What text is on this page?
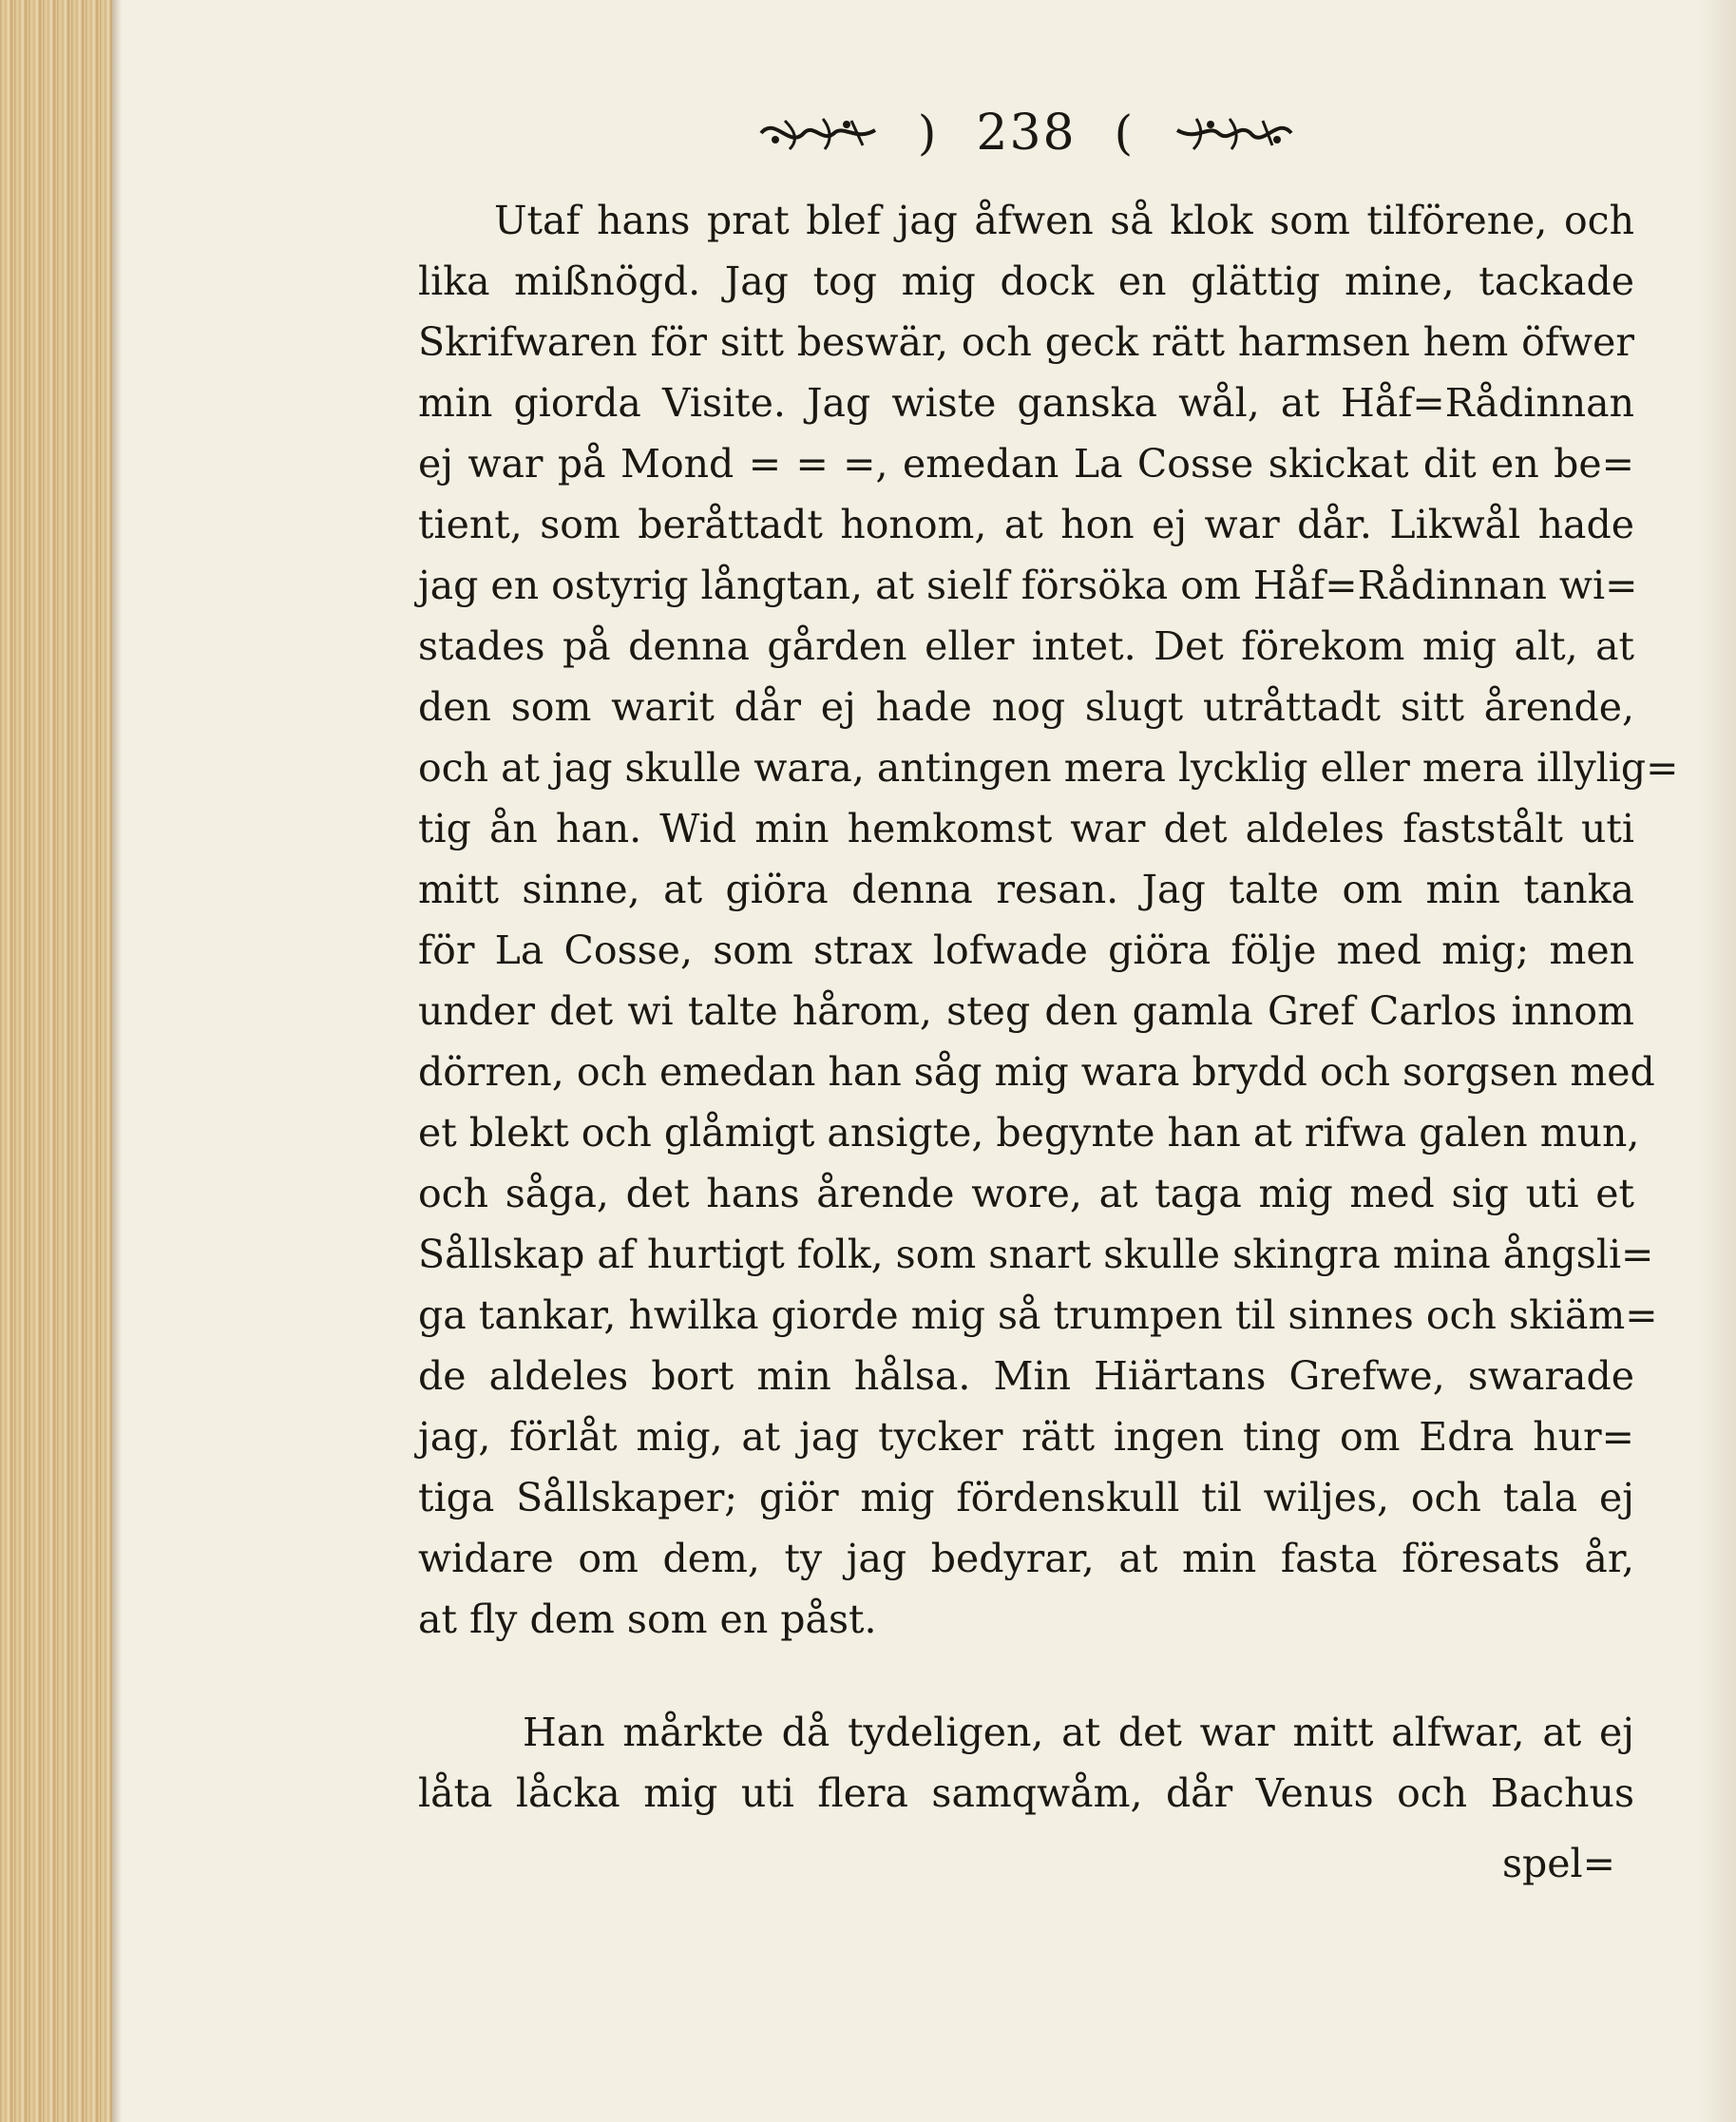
) 238 (
Utaf hans prat blef jag åfwen så klok som tilförene, och
lika mißnögd. Jag tog mig dock en glättig mine, tackade
Skrifwaren för sitt beswär, och geck rätt harmsen hem öfwer
min giorda Visite. Jag wiste ganska wål, at Håf=Rådinnan
ej war på Mond = = =, emedan La Cosse skickat dit en be=
tient, som beråttadt honom, at hon ej war dår. Likwål hade
jag en ostyrig långtan, at sielf försöka om Håf=Rådinnan wi=
stades på denna gården eller intet. Det förekom mig alt, at
den som warit dår ej hade nog slugt utråttadt sitt årende,
och at jag skulle wara, antingen mera lycklig eller mera illylig=
tig ån han. Wid min hemkomst war det aldeles faststålt uti
mitt sinne, at giöra denna resan. Jag talte om min tanka
för La Cosse, som strax lofwade giöra följe med mig; men
under det wi talte hårom, steg den gamla Gref Carlos innom
dörren, och emedan han såg mig wara brydd och sorgsen med
et blekt och glåmigt ansigte, begynte han at rifwa galen mun,
och såga, det hans årende wore, at taga mig med sig uti et
Sållskap af hurtigt folk, som snart skulle skingra mina ångsli=
ga tankar, hwilka giorde mig så trumpen til sinnes och skiäm=
de aldeles bort min hålsa. Min Hiärtans Grefwe, swarade
jag, förlåt mig, at jag tycker rätt ingen ting om Edra hur=
tiga Sållskaper; giör mig fördenskull til wiljes, och tala ej
widare om dem, ty jag bedyrar, at min fasta föresats år,
at fly dem som en påst.
Han mårkte då tydeligen, at det war mitt alfwar, at ej
låta låcka mig uti flera samqwåm, dår Venus och Bachus
spel=
